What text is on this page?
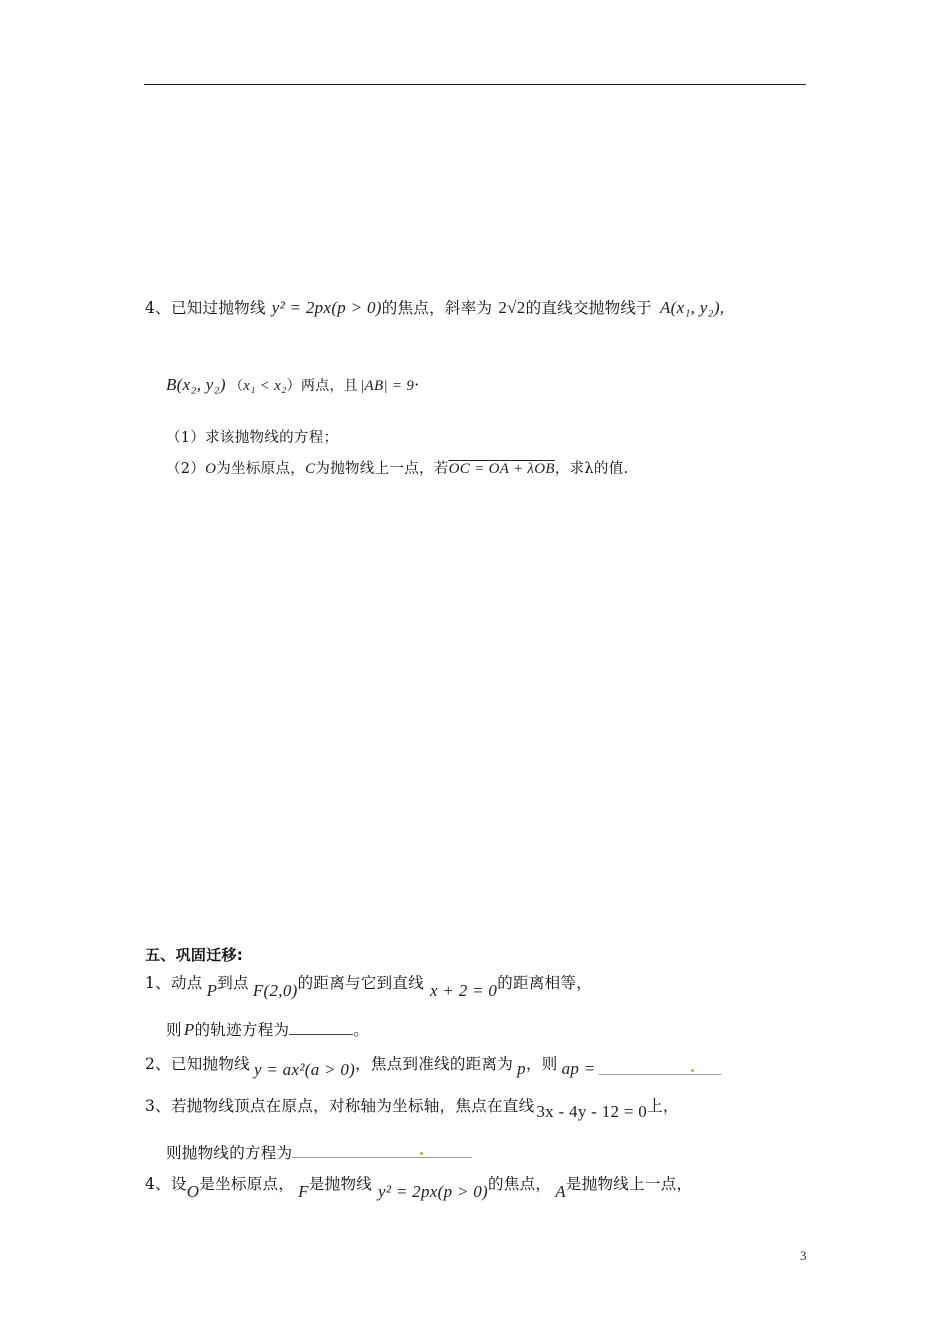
4、已知过抛物线 y² = 2px(p > 0)的焦点，斜率为 2√2的直线交抛物线于 A(x₁, y₂),
B(x₂, y₂) （x₁ < x₂）两点，且 |AB| = 9·
（1）求该抛物线的方程；
（2）O为坐标原点，C为抛物线上一点，若OC = OA + λOB，求λ的值.
五、巩固迁移:
1、动点 P到点 F(2,0)的距离与它到直线 x + 2 = 0的距离相等，
则 P的轨迹方程为	。
2、已知抛物线 y = ax²(a > 0)，焦点到准线的距离为 p，则 ap =
3、若抛物线顶点在原点，对称轴为坐标轴，焦点在直线 3x - 4y - 12 = 0上，
则抛物线的方程为
4、设O是坐标原点， F是抛物线 y² = 2px(p > 0)的焦点， A是抛物线上一点，
3
